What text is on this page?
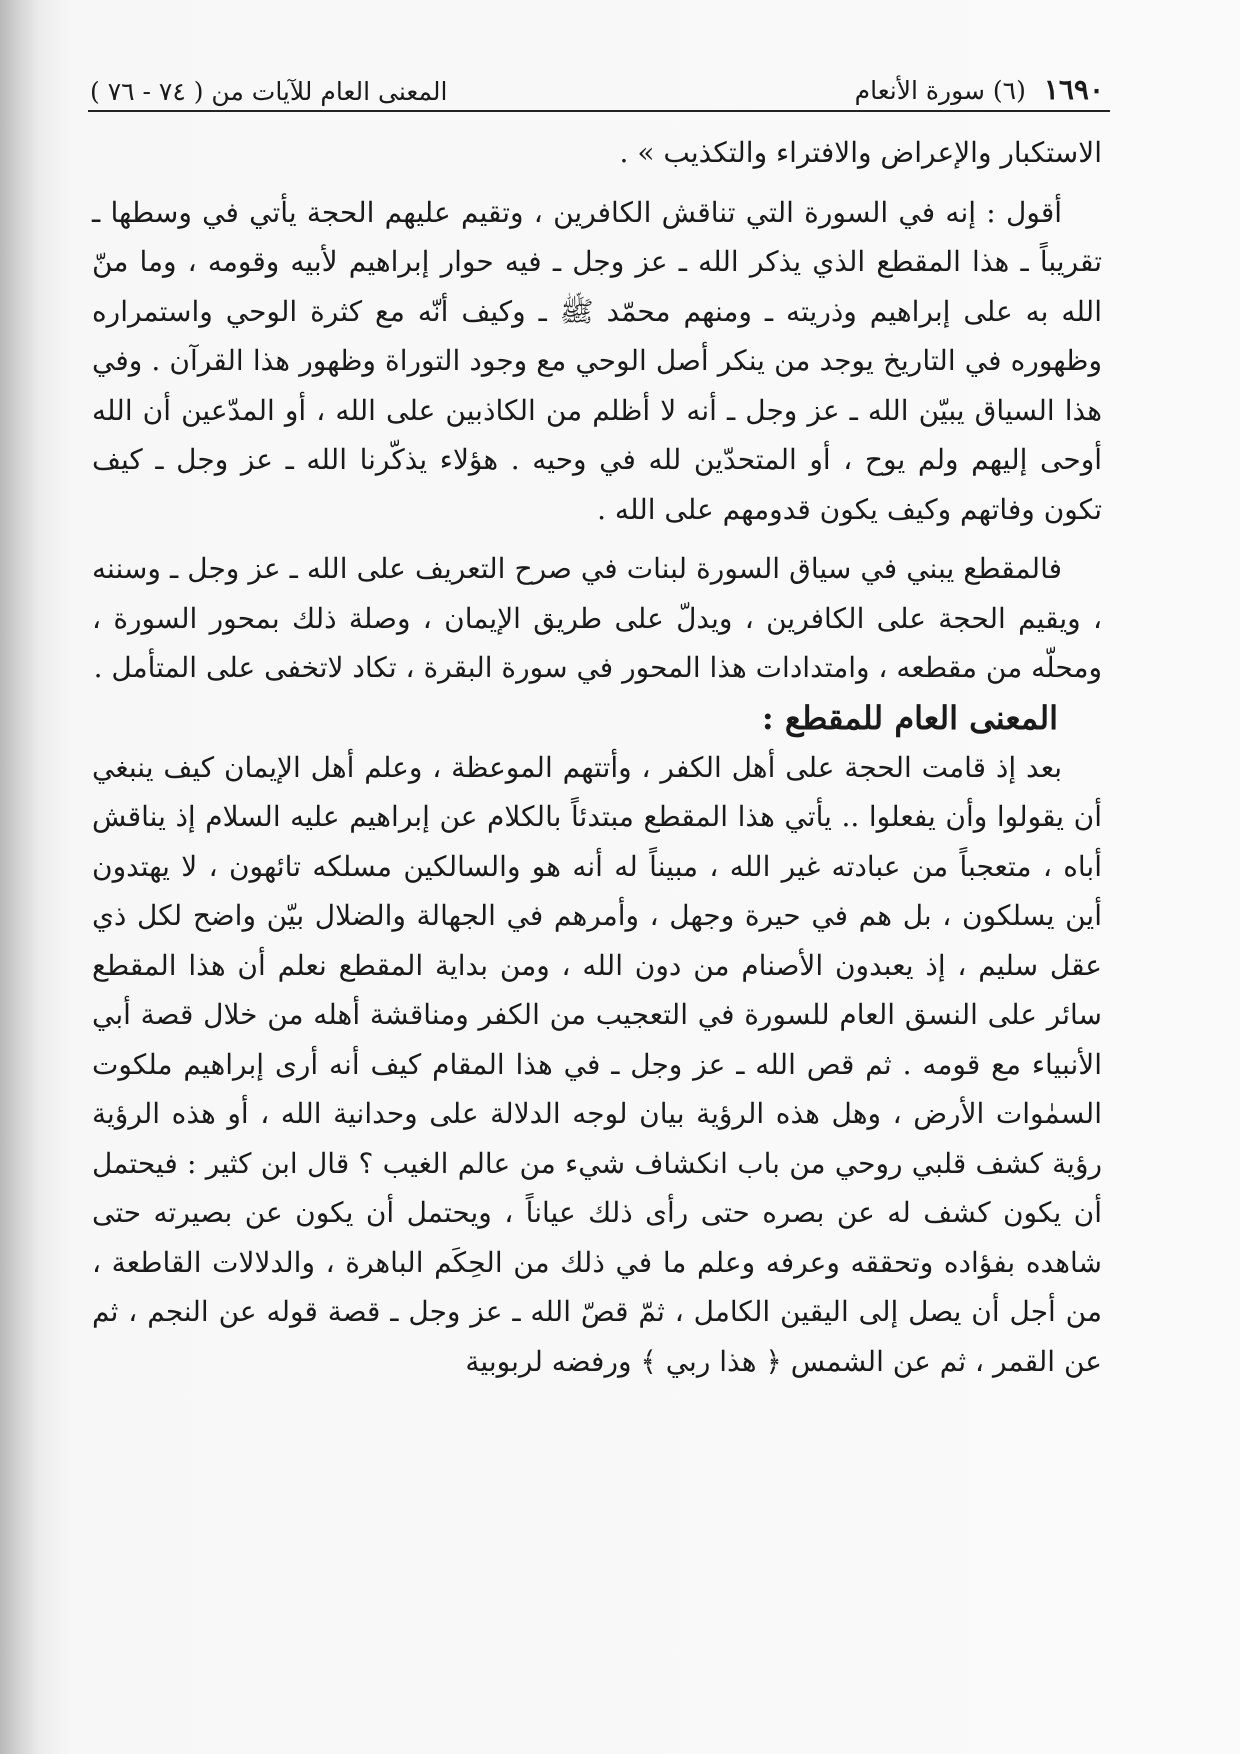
١٦٩٠
(٦) سورة الأنعام
المعنى العام للآيات من ( ٧٤ - ٧٦ )

الاستكبار والإعراض والافتراء والتكذيب » .

أقول : إنه في السورة التي تناقش الكافرين ، وتقيم عليهم الحجة يأتي في وسطها ـ تقريباً ـ هذا المقطع الذي يذكر الله ـ عز وجل ـ فيه حوار إبراهيم لأبيه وقومه ، وما منّ الله به على إبراهيم وذريته ـ ومنهم محمّد ﷺ ـ وكيف أنّه مع كثرة الوحي واستمراره وظهوره في التاريخ يوجد من ينكر أصل الوحي مع وجود التوراة وظهور هذا القرآن . وفي هذا السياق يبيّن الله ـ عز وجل ـ أنه لا أظلم من الكاذبين على الله ، أو المدّعين أن الله أوحى إليهم ولم يوح ، أو المتحدّين لله في وحيه . هؤلاء يذكّرنا الله ـ عز وجل ـ كيف تكون وفاتهم وكيف يكون قدومهم على الله .

فالمقطع يبني في سياق السورة لبنات في صرح التعريف على الله ـ عز وجل ـ وسننه ، ويقيم الحجة على الكافرين ، ويدلّ على طريق الإيمان ، وصلة ذلك بمحور السورة ، ومحلّه من مقطعه ، وامتدادات هذا المحور في سورة البقرة ، تكاد لاتخفى على المتأمل .

المعنى العام للمقطع :

بعد إذ قامت الحجة على أهل الكفر ، وأتتهم الموعظة ، وعلم أهل الإيمان كيف ينبغي أن يقولوا وأن يفعلوا .. يأتي هذا المقطع مبتدئاً بالكلام عن إبراهيم عليه السلام إذ يناقش أباه ، متعجباً من عبادته غير الله ، مبيناً له أنه هو والسالكين مسلكه تائهون ، لا يهتدون أين يسلكون ، بل هم في حيرة وجهل ، وأمرهم في الجهالة والضلال بيّن واضح لكل ذي عقل سليم ، إذ يعبدون الأصنام من دون الله ، ومن بداية المقطع نعلم أن هذا المقطع سائر على النسق العام للسورة في التعجيب من الكفر ومناقشة أهله من خلال قصة أبي الأنبياء مع قومه . ثم قص الله ـ عز وجل ـ في هذا المقام كيف أنه أرى إبراهيم ملكوت السمٰوات الأرض ، وهل هذه الرؤية بيان لوجه الدلالة على وحدانية الله ، أو هذه الرؤية رؤية كشف قلبي روحي من باب انكشاف شيء من عالم الغيب ؟ قال ابن كثير : فيحتمل أن يكون كشف له عن بصره حتى رأى ذلك عياناً ، ويحتمل أن يكون عن بصيرته حتى شاهده بفؤاده وتحققه وعرفه وعلم ما في ذلك من الحِكَم الباهرة ، والدلالات القاطعة ، من أجل أن يصل إلى اليقين الكامل ، ثمّ قصّ الله ـ عز وجل ـ قصة قوله عن النجم ، ثم عن القمر ، ثم عن الشمس ﴿ هذا ربي ﴾ ورفضه لربوبية
